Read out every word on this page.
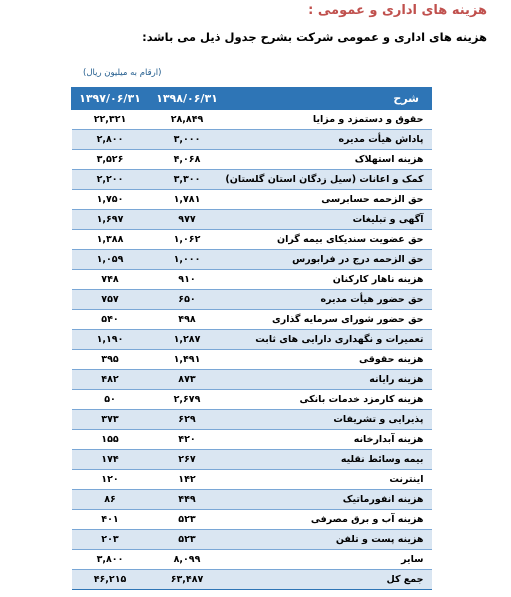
هزینه های اداری و عمومی :
هزینه های اداری و عمومی شرکت بشرح جدول ذیل می باشد:
(ارقام به میلیون ریال)
شرح	۱۳۹۸/۰۶/۳۱	۱۳۹۷/۰۶/۳۱
حقوق و دستمزد و مزایا	۲۸,۸۴۹	۲۲,۳۲۱
پاداش هیأت مدیره	۳,۰۰۰	۲,۸۰۰
هزینه استهلاک	۴,۰۶۸	۳,۵۲۶
کمک و اعانات (سیل زدگان استان گلستان)	۳,۳۰۰	۲,۲۰۰
حق الزحمه حسابرسی	۱,۷۸۱	۱,۷۵۰
آگهی و تبلیغات	۹۷۷	۱,۶۹۷
حق عضویت سندیکای بیمه گران	۱,۰۶۲	۱,۳۸۸
حق الزحمه درج در فرابورس	۱,۰۰۰	۱,۰۵۹
هزینه ناهار کارکنان	۹۱۰	۷۴۸
حق حضور هیأت مدیره	۶۵۰	۷۵۷
حق حضور شورای سرمایه گذاری	۴۹۸	۵۴۰
تعمیرات و نگهداری دارایی های ثابت	۱,۲۸۷	۱,۱۹۰
هزینه حقوقی	۱,۴۹۱	۳۹۵
هزینه رایانه	۸۷۳	۴۸۲
هزینه کارمزد خدمات بانکی	۲,۶۷۹	۵۰
پذیرایی و تشریفات	۶۲۹	۳۷۳
هزینه آبدارخانه	۴۲۰	۱۵۵
بیمه وسائط نقلیه	۲۶۷	۱۷۴
اینترنت	۱۴۲	۱۲۰
هزینه انفورماتیک	۴۴۹	۸۶
هزینه آب و برق مصرفی	۵۲۳	۴۰۱
هزینه پست و تلفن	۵۲۳	۲۰۳
سایر	۸,۰۹۹	۳,۸۰۰
جمع کل	۶۳,۴۸۷	۴۶,۲۱۵
